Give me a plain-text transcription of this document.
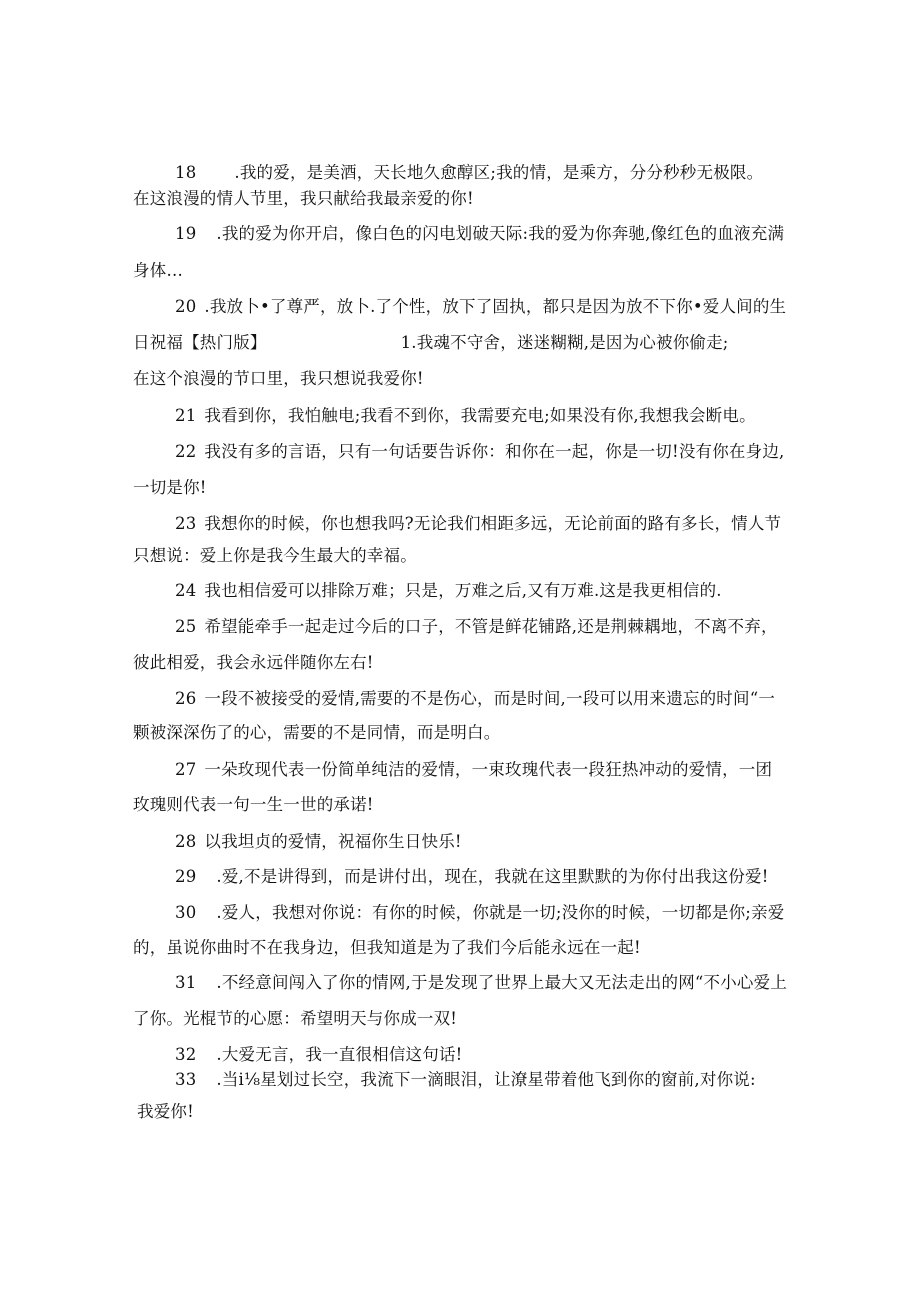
18 .我的爱，是美酒，天长地久愈醇区;我的情，是乘方，分分秒秒无极限。
在这浪漫的情人节里，我只献给我最亲爱的你!
19 .我的爱为你开启，像白色的闪电划破天际:我的爱为你奔驰,像红色的血液充满
身体…
20 .我放卜•了尊严，放卜.了个性，放下了固执，都只是因为放不下你•爱人间的生
日祝福【热门版】	1.我魂不守舍，迷迷糊糊,是因为心被你偷走;
在这个浪漫的节口里，我只想说我爱你!
21 我看到你，我怕触电;我看不到你，我需要充电;如果没有你,我想我会断电。
22 我没有多的言语，只有一句话要告诉你：和你在一起，你是一切!没有你在身边,
一切是你!
23 我想你的时候，你也想我吗?无论我们相距多远，无论前面的路有多长，情人节
只想说：爱上你是我今生最大的幸福。
24 我也相信爱可以排除万难；只是，万难之后,又有万难.这是我更相信的.
25 希望能牵手一起走过今后的口子，不管是鲜花铺路,还是荆棘耦地，不离不弃，
彼此相爱，我会永远伴随你左右!
26 一段不被接受的爱情,需要的不是伤心，而是时间,一段可以用来遗忘的时间“一
颗被深深伤了的心，需要的不是同情，而是明白。
27 一朵玫现代表一份简单纯洁的爱情，一束玫瑰代表一段狂热冲动的爱情，一团
玫瑰则代表一句一生一世的承诺!
28 以我坦贞的爱情，祝福你生日快乐!
29 .爱,不是讲得到，而是讲付出，现在，我就在这里默默的为你付出我这份爱!
30 .爱人，我想对你说：有你的时候，你就是一切;没你的时候，一切都是你;亲爱
的，虽说你曲时不在我身边，但我知道是为了我们今后能永远在一起!
31 .不经意间闯入了你的情网,于是发现了世界上最大又无法走出的网“不小心爱上
了你。光棍节的心愿：希望明天与你成一双!
32 .大爱无言，我一直很相信这句话!
33 .当i⅛星划过长空，我流下一滴眼泪，让潦星带着他飞到你的窗前,对你说:
我爱你!
